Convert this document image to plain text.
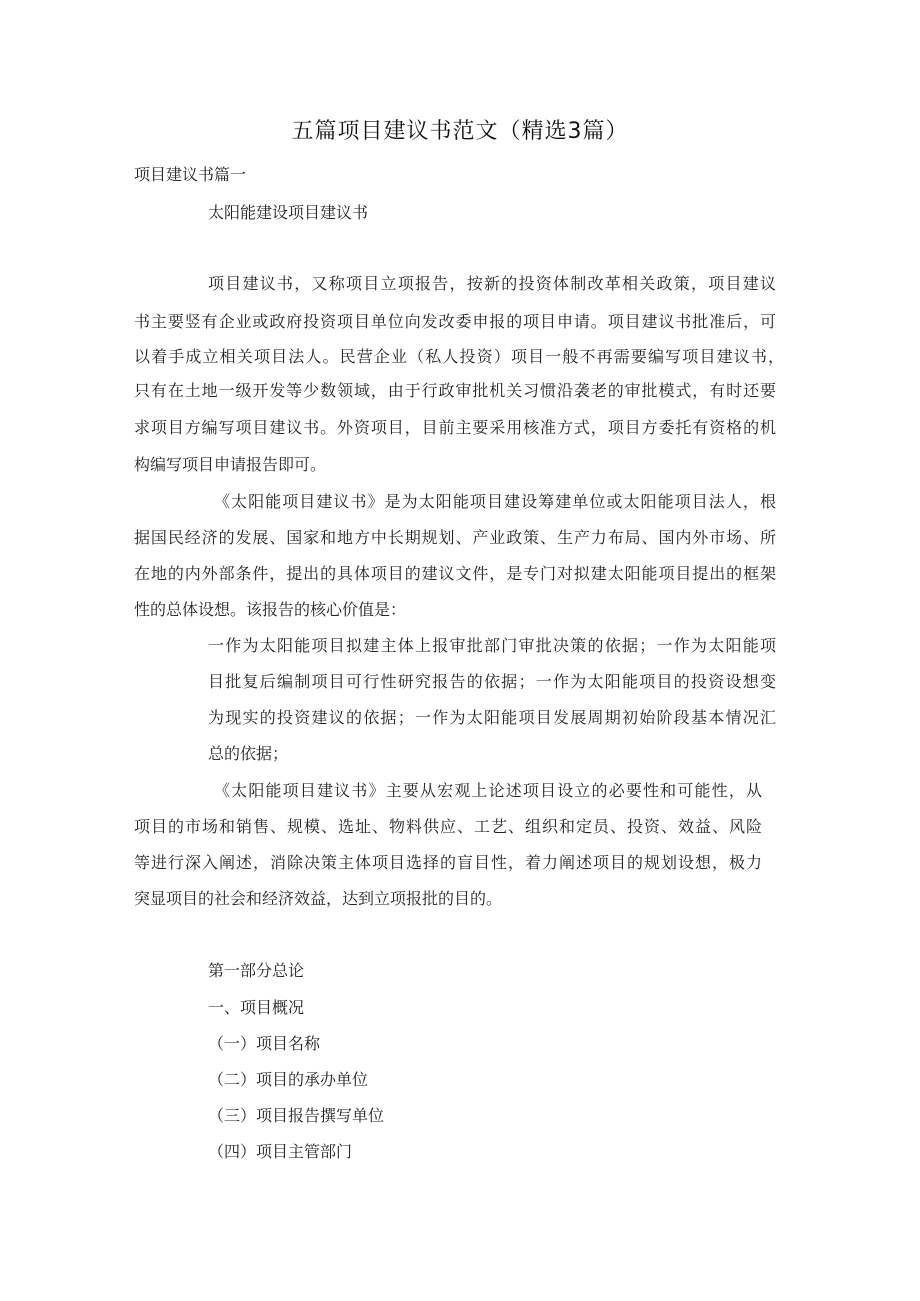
五篇项目建议书范文（精选3篇）
项目建议书篇一
太阳能建设项目建议书
项目建议书，又称项目立项报告，按新的投资体制改革相关政策，项目建议
书主要竖有企业或政府投资项目单位向发改委申报的项目申请。项目建议书批准后，可
以着手成立相关项目法人。民营企业（私人投资）项目一般不再需要编写项目建议书，
只有在土地一级开发等少数领域，由于行政审批机关习惯沿袭老的审批模式，有时还要
求项目方编写项目建议书。外资项目，目前主要采用核准方式，项目方委托有资格的机
构编写项目申请报告即可。
《太阳能项目建议书》是为太阳能项目建设筹建单位或太阳能项目法人，根
据国民经济的发展、国家和地方中长期规划、产业政策、生产力布局、国内外市场、所
在地的内外部条件，提出的具体项目的建议文件，是专门对拟建太阳能项目提出的框架
性的总体设想。该报告的核心价值是：
一作为太阳能项目拟建主体上报审批部门审批决策的依据；一作为太阳能项
目批复后编制项目可行性研究报告的依据；一作为太阳能项目的投资设想变
为现实的投资建议的依据；一作为太阳能项目发展周期初始阶段基本情况汇
总的依据；
《太阳能项目建议书》主要从宏观上论述项目设立的必要性和可能性，从
项目的市场和销售、规模、选址、物料供应、工艺、组织和定员、投资、效益、风险
等进行深入阐述，消除决策主体项目选择的盲目性，着力阐述项目的规划设想，极力
突显项目的社会和经济效益，达到立项报批的目的。
第一部分总论
一、项目概况
（一）项目名称
（二）项目的承办单位
（三）项目报告撰写单位
（四）项目主管部门
